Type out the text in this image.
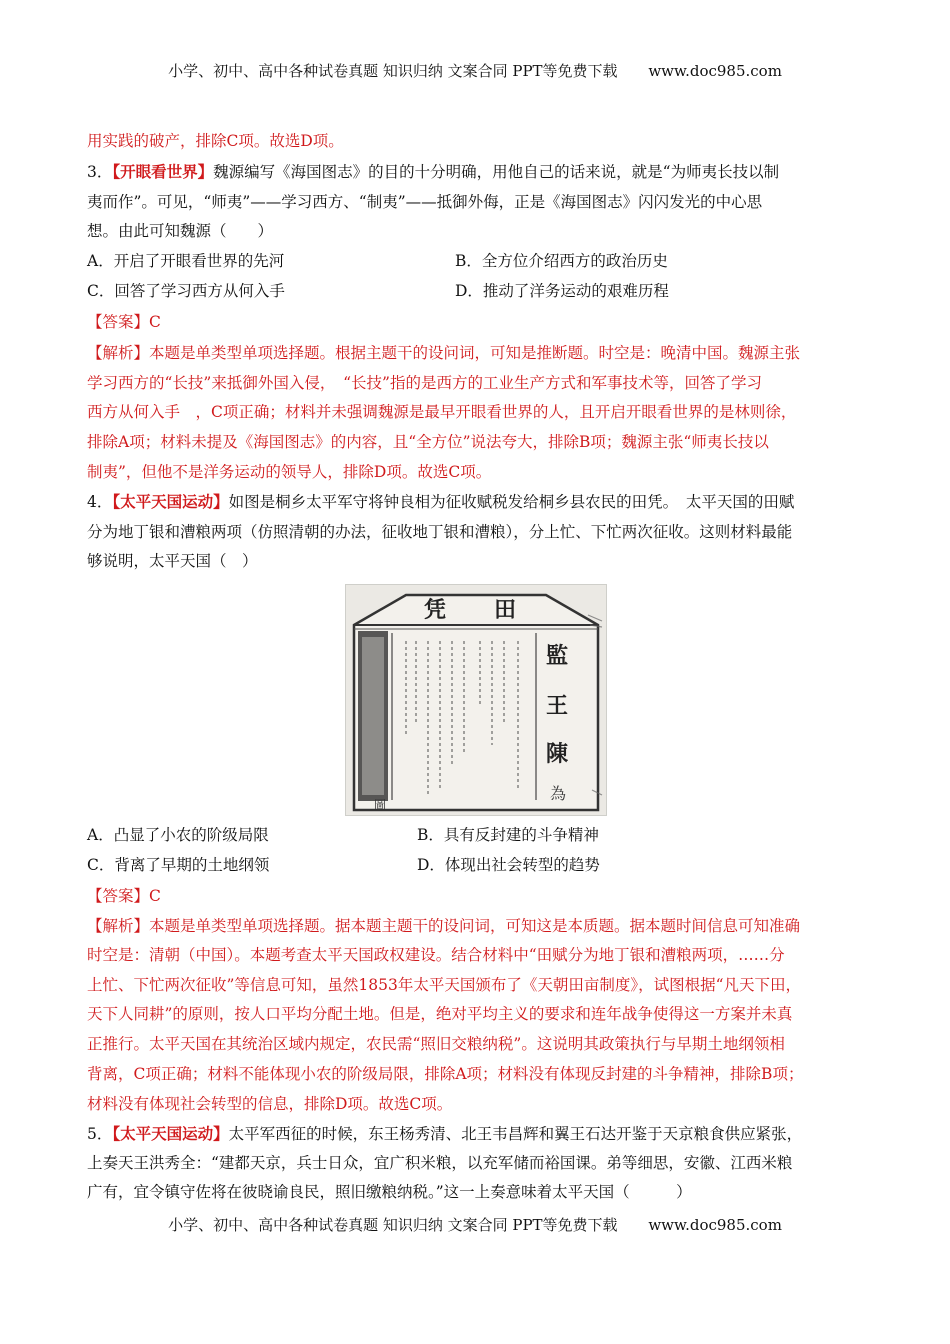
小学、初中、高中各种试卷真题 知识归纳 文案合同 PPT等免费下载 www.doc985.com
用实践的破产，排除C项。故选D项。
3．【开眼看世界】魏源编写《海国图志》的目的十分明确，用他自己的话来说，就是“为师夷长技以制
夷而作”。可见，“师夷”——学习西方、“制夷”——抵御外侮，正是《海国图志》闪闪发光的中心思
想。由此可知魏源（　　）
A．开启了开眼看世界的先河	B．全方位介绍西方的政治历史
C．回答了学习西方从何入手	D．推动了洋务运动的艰难历程
【答案】C
【解析】本题是单类型单项选择题。根据主题干的设问词，可知是推断题。时空是：晚清中国。魏源主张
学习西方的“长技”来抵御外国入侵，　“长技”指的是西方的工业生产方式和军事技术等，回答了学习
西方从何入手　，C项正确；材料并未强调魏源是最早开眼看世界的人，且开启开眼看世界的是林则徐，
排除A项；材料未提及《海国图志》的内容，且“全方位”说法夸大，排除B项；魏源主张“师夷长技以
制夷”，但他不是洋务运动的领导人，排除D项。故选C项。
4．【太平天国运动】如图是桐乡太平军守将钟良相为征收赋税发给桐乡县农民的田凭。　太平天国的田赋
分为地丁银和漕粮两项（仿照清朝的办法，征收地丁银和漕粮），分上忙、下忙两次征收。这则材料最能
够说明，太平天国（　）
田
凭
監
王
陳
為
圖
A．凸显了小农的阶级局限	B．具有反封建的斗争精神
C．背离了早期的土地纲领	D．体现出社会转型的趋势
【答案】C
【解析】本题是单类型单项选择题。据本题主题干的设问词，可知这是本质题。据本题时间信息可知准确
时空是：清朝（中国）。本题考查太平天国政权建设。结合材料中“田赋分为地丁银和漕粮两项，……分
上忙、下忙两次征收”等信息可知，虽然1853年太平天国颁布了《天朝田亩制度》，试图根据“凡天下田，
天下人同耕”的原则，按人口平均分配土地。但是，绝对平均主义的要求和连年战争使得这一方案并未真
正推行。太平天国在其统治区域内规定，农民需“照旧交粮纳税”。这说明其政策执行与早期土地纲领相
背离，C项正确；材料不能体现小农的阶级局限，排除A项；材料没有体现反封建的斗争精神，排除B项；
材料没有体现社会转型的信息，排除D项。故选C项。
5．【太平天国运动】太平军西征的时候，东王杨秀清、北王韦昌辉和翼王石达开鉴于天京粮食供应紧张，
上奏天王洪秀全：“建都天京，兵士日众，宜广积米粮，以充军储而裕国课。弟等细思，安徽、江西米粮
广有，宜令镇守佐将在彼晓谕良民，照旧缴粮纳税。”这一上奏意味着太平天国（　　　）
小学、初中、高中各种试卷真题 知识归纳 文案合同 PPT等免费下载 www.doc985.com
